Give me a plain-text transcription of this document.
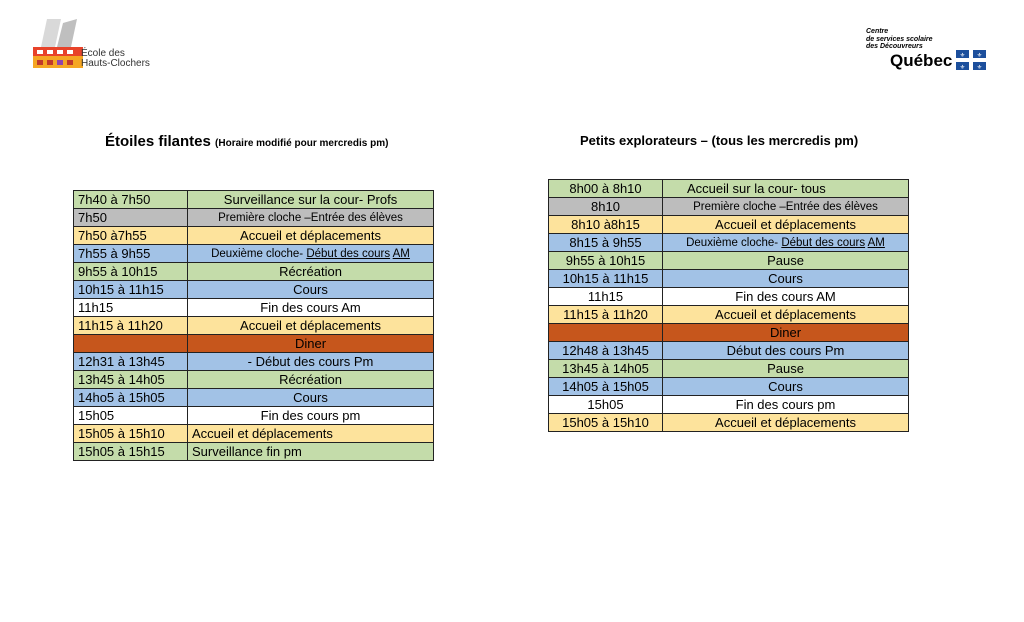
École des
Hauts-Clochers
Centre
de services scolaire
des Découvreurs
Québec ⚜ ⚜
⚜ ⚜
Étoiles filantes (Horaire modifié pour mercredis pm)	Petits explorateurs – (tous les mercredis pm)
7h40 à 7h50	Surveillance sur la cour- Profs
7h50	Première cloche –Entrée des élèves
7h50 à7h55	Accueil et déplacements
7h55 à 9h55	Deuxième cloche- Début des cours AM
9h55 à 10h15	Récréation
10h15 à 11h15	Cours
11h15	Fin des cours Am
11h15 à 11h20	Accueil et déplacements
	Diner
12h31 à 13h45	- Début des cours Pm
13h45 à 14h05	Récréation
14ho5 à 15h05	Cours
15h05	Fin des cours pm
15h05 à 15h10	Accueil et déplacements
15h05 à 15h15	Surveillance fin pm
8h00 à 8h10	Accueil sur la cour- tous
8h10	Première cloche –Entrée des élèves
8h10 à8h15	Accueil et déplacements
8h15 à 9h55	Deuxième cloche- Début des cours AM
9h55 à 10h15	Pause
10h15 à 11h15	Cours
11h15	Fin des cours AM
11h15 à 11h20	Accueil et déplacements
	Diner
12h48 à 13h45	Début des cours Pm
13h45 à 14h05	Pause
14h05 à 15h05	Cours
15h05	Fin des cours pm
15h05 à 15h10	Accueil et déplacements
